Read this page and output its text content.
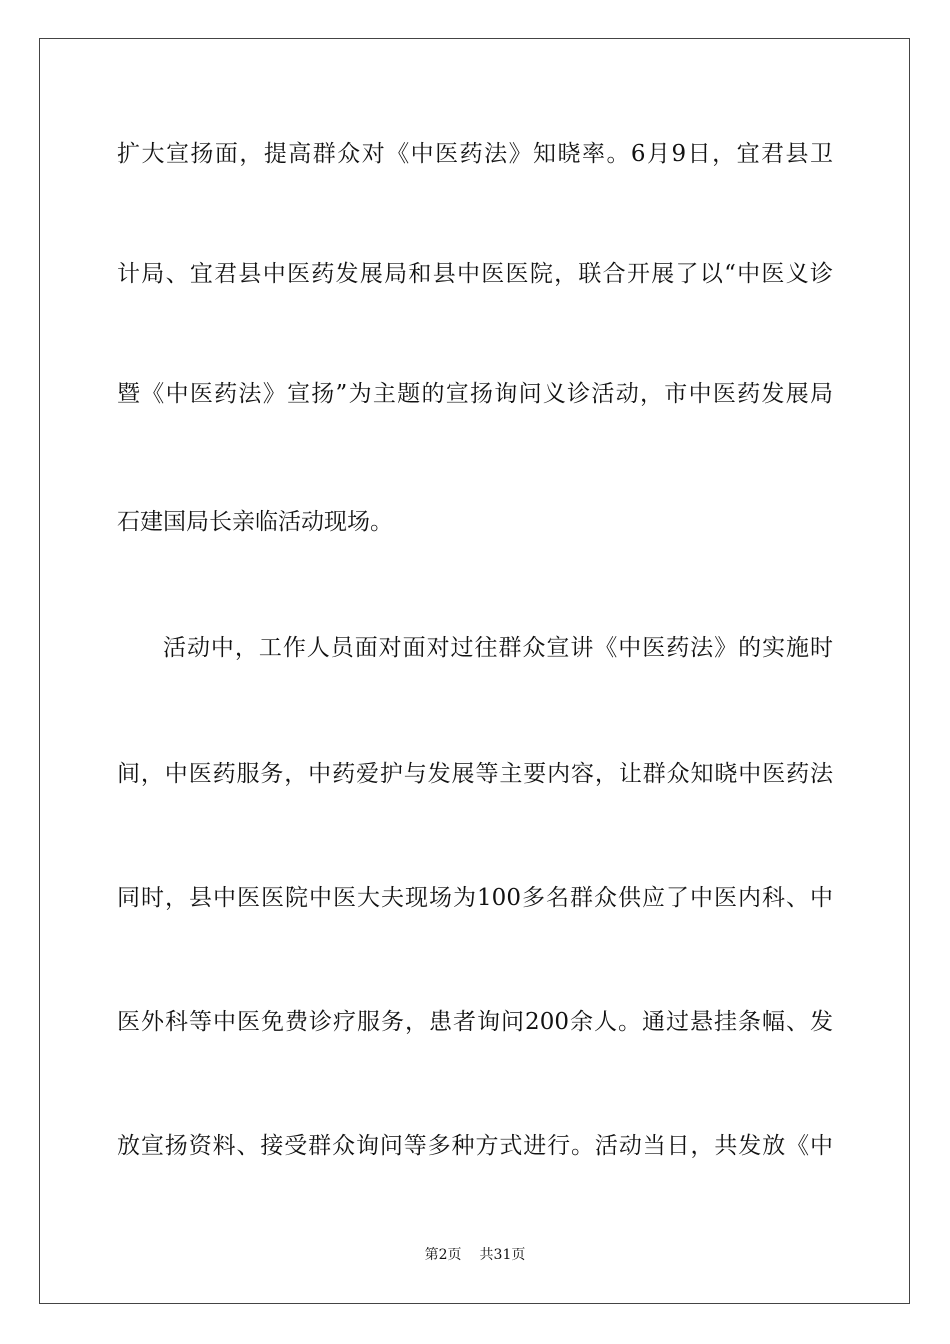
扩大宣扬面，提高群众对《中医药法》知晓率。6月9日，宜君县卫
计局、宜君县中医药发展局和县中医医院，联合开展了以“中医义诊
暨《中医药法》宣扬”为主题的宣扬询问义诊活动，市中医药发展局
石建国局长亲临活动现场。
活动中，工作人员面对面对过往群众宣讲《中医药法》的实施时
间，中医药服务，中药爱护与发展等主要内容，让群众知晓中医药法
同时，县中医医院中医大夫现场为100多名群众供应了中医内科、中
医外科等中医免费诊疗服务，患者询问200余人。通过悬挂条幅、发
放宣扬资料、接受群众询问等多种方式进行。活动当日，共发放《中
第2页 共31页
